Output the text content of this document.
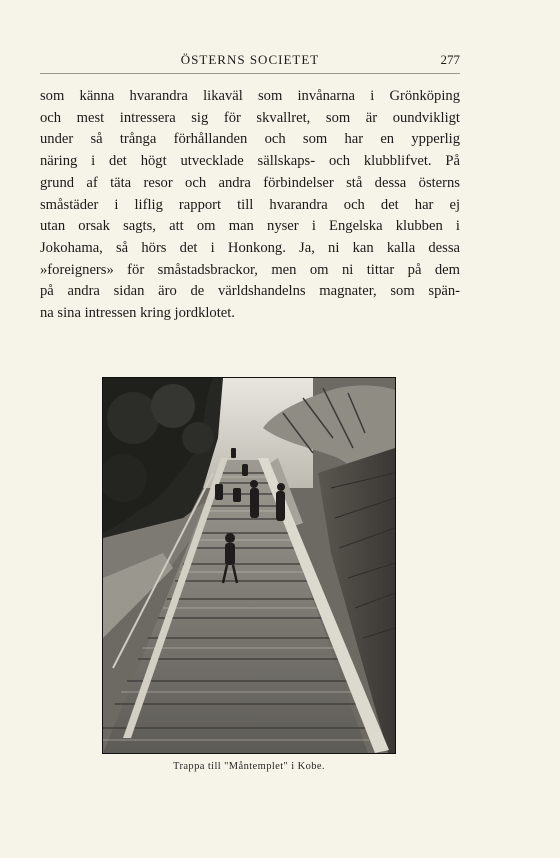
ÖSTERNS SOCIETET	277
som känna hvarandra likaväl som invånarna i Grönköping
och mest intressera sig för skvallret, som är oundvikligt
under så trånga förhållanden och som har en ypperlig
näring i det högt utvecklade sällskaps- och klubblifvet. På
grund af täta resor och andra förbindelser stå dessa österns
småstäder i liflig rapport till hvarandra och det har ej
utan orsak sagts, att om man nyser i Engelska klubben i
Jokohama, så hörs det i Honkong. Ja, ni kan kalla dessa
»foreigners» för småstadsbrackor, men om ni tittar på dem
på andra sidan äro de världshandelns magnater, som spän-
na sina intressen kring jordklotet.
Trappa till "Måntemplet" i Kobe.
